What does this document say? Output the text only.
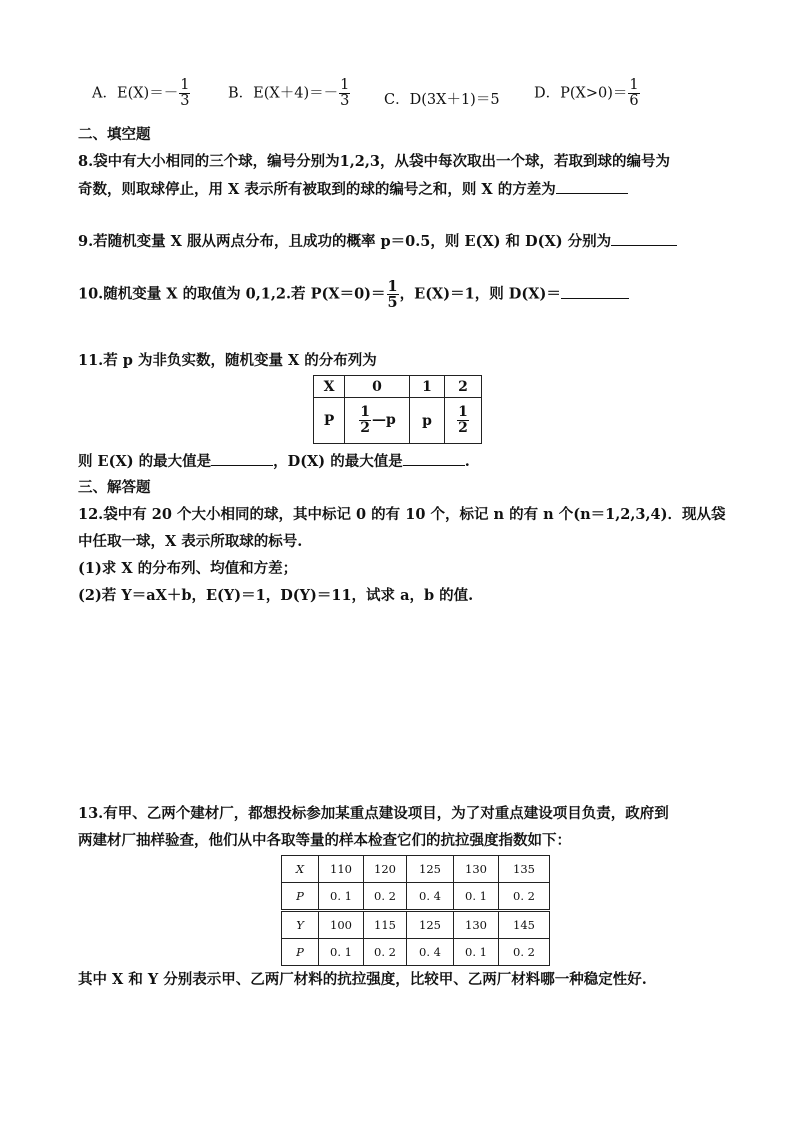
A．$E(X)=- \frac{1}{3}$	B．$E(X+4)=- \frac{1}{3}$ C．D(3X＋1)＝5 D．$P(X>0)= \frac{1}{6}$
二、填空题
8.袋中有大小相同的三个球，编号分别为1,2,3，从袋中每次取出一个球，若取到球的编号为
奇数，则取球停止，用 X 表示所有被取到的球的编号之和，则 X 的方差为
9.若随机变量 X 服从两点分布，且成功的概率 p＝0.5，则 E(X) 和 D(X) 分别为
10.随机变量 X 的取值为 0,1,2.若 $P(X=0)= \frac{1}{5}$ ，E(X)＝1，则 D(X)＝
11.若 p 为非负实数，随机变量 X 的分布列为
X	0	1	2
P	$\frac{1}{2}$ —p	p	$\frac{1}{2}$
则 E(X) 的最大值是	，D(X) 的最大值是	.
三、解答题
12.袋中有 20 个大小相同的球，其中标记 0 的有 10 个，标记 n 的有 n 个(n＝1,2,3,4)．现从袋
中任取一球，X 表示所取球的标号.
(1)求 X 的分布列、均值和方差；
(2)若 Y＝aX＋b，E(Y)＝1，D(Y)＝11，试求 a，b 的值.
13.有甲、乙两个建材厂，都想投标参加某重点建设项目，为了对重点建设项目负责，政府到
两建材厂抽样验查，他们从中各取等量的样本检查它们的抗拉强度指数如下：
X	110	120	125	130	135
P	0. 1	0. 2	0. 4	0. 1	0. 2
Y	100	115	125	130	145
P	0. 1	0. 2	0. 4	0. 1	0. 2
其中 X 和 Y 分别表示甲、乙两厂材料的抗拉强度，比较甲、乙两厂材料哪一种稳定性好.
